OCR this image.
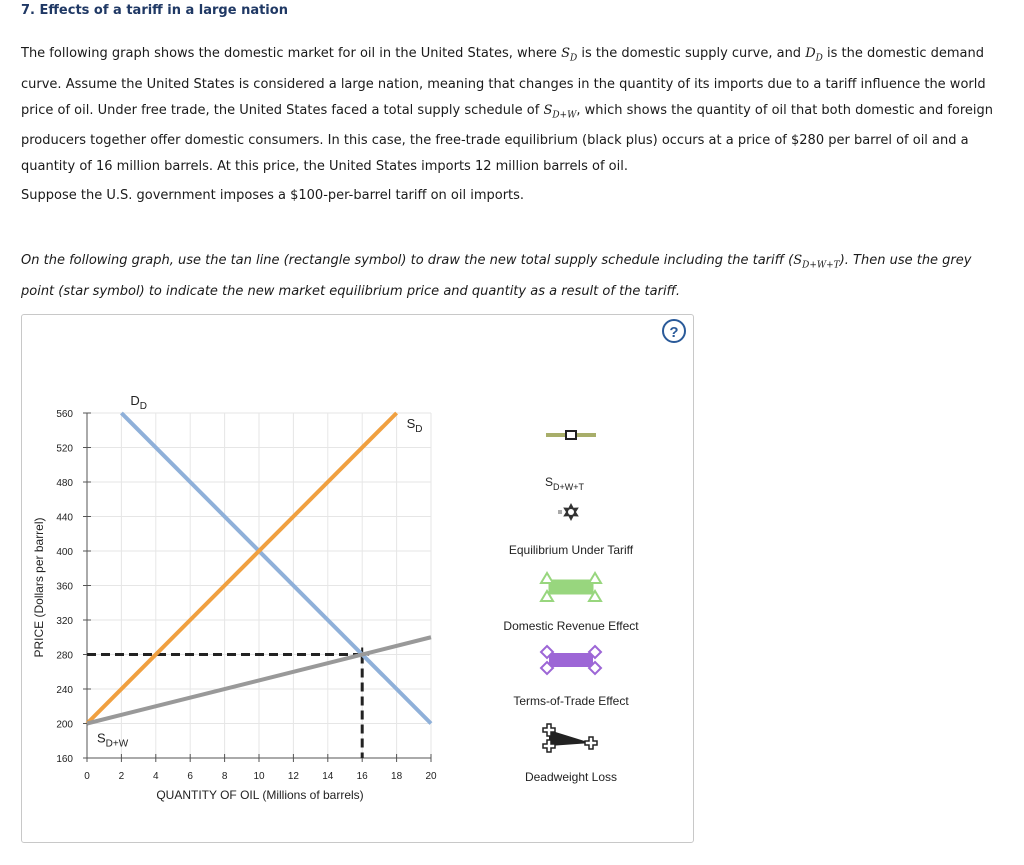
7. Effects of a tariff in a large nation
The following graph shows the domestic market for oil in the United States, where $S_D$ is the domestic supply curve, and $D_D$ is the domestic demand curve. Assume the United States is considered a large nation, meaning that changes in the quantity of its imports due to a tariff influence the world price of oil. Under free trade, the United States faced a total supply schedule of $S_{D+W}$, which shows the quantity of oil that both domestic and foreign producers together offer domestic consumers. In this case, the free-trade equilibrium (black plus) occurs at a price of $280 per barrel of oil and a quantity of 16 million barrels. At this price, the United States imports 12 million barrels of oil.
Suppose the U.S. government imposes a $100-per-barrel tariff on oil imports.
On the following graph, use the tan line (rectangle symbol) to draw the new total supply schedule including the tariff $(S_{D+W+T})$. Then use the grey point (star symbol) to indicate the new market equilibrium price and quantity as a result of the tariff.
?
160
200
240
280
320
360
400
440
480
520
560
0	2	4	6	8	10 12 14 16 18 20
QUANTITY OF OIL (Millions of barrels)
PRICE (Dollars per barrel)
$D_D$
$S_D$
$S_{D+W}$
$S_{D+W+T}$
Equilibrium Under Tariff
Domestic Revenue Effect
Terms-of-Trade Effect
Deadweight Loss
